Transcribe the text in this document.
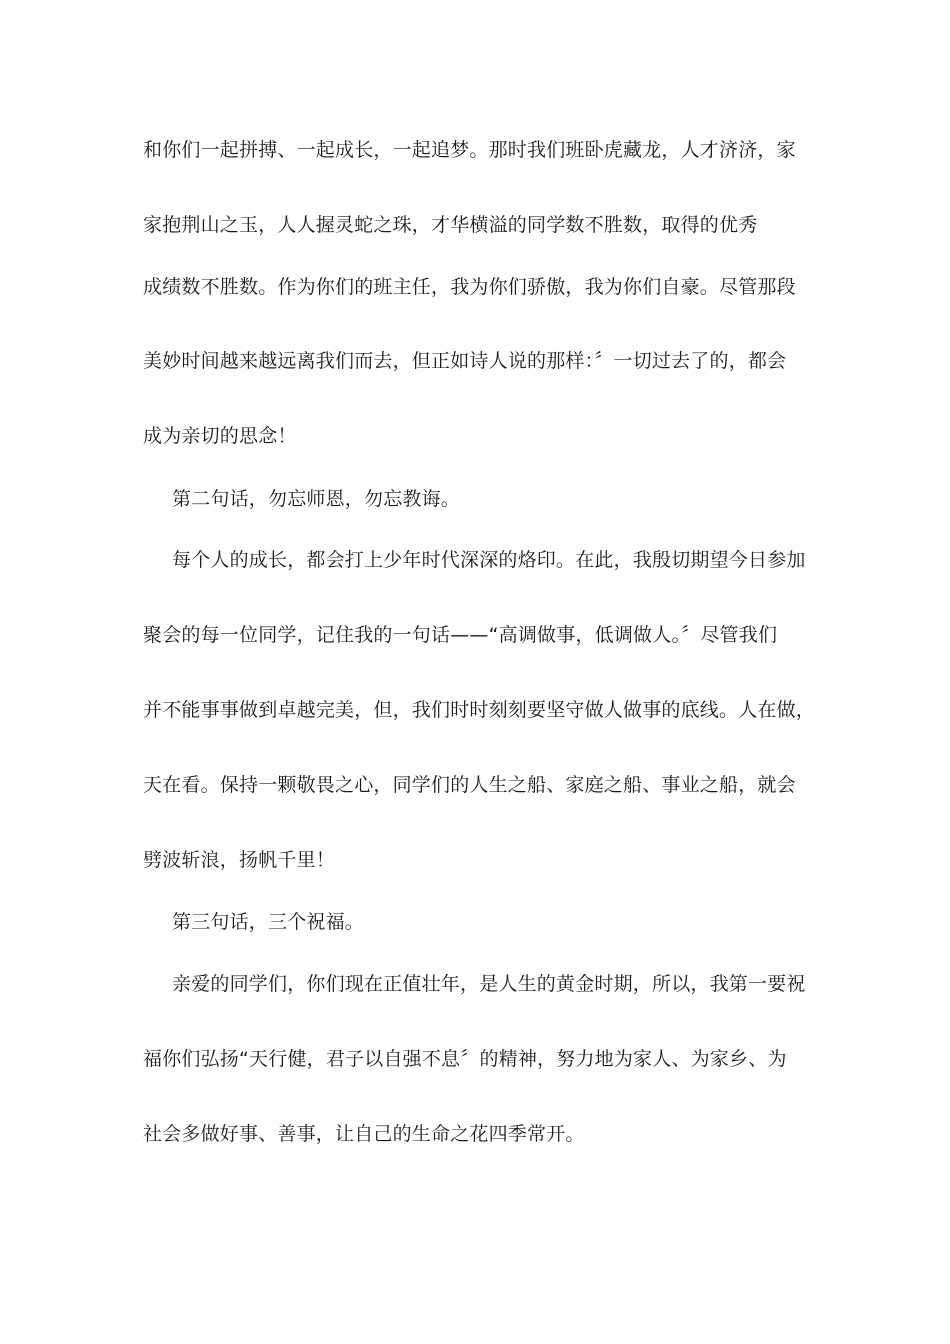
和你们一起拼搏、一起成长，一起追梦。那时我们班卧虎藏龙，人才济济，家
家抱荆山之玉，人人握灵蛇之珠，才华横溢的同学数不胜数，取得的优秀
成绩数不胜数。作为你们的班主任，我为你们骄傲，我为你们自豪。尽管那段
美妙时间越来越远离我们而去，但正如诗人说的那样：〞一切过去了的，都会
成为亲切的思念！
第二句话，勿忘师恩，勿忘教诲。
每个人的成长，都会打上少年时代深深的烙印。在此，我殷切期望今日参加
聚会的每一位同学，记住我的一句话——“高调做事，低调做人。〞尽管我们
并不能事事做到卓越完美，但，我们时时刻刻要坚守做人做事的底线。人在做，
天在看。保持一颗敬畏之心，同学们的人生之船、家庭之船、事业之船，就会
劈波斩浪，扬帆千里！
第三句话，三个祝福。
亲爱的同学们，你们现在正值壮年，是人生的黄金时期，所以，我第一要祝
福你们弘扬“天行健，君子以自强不息〞的精神，努力地为家人、为家乡、为
社会多做好事、善事，让自己的生命之花四季常开。
